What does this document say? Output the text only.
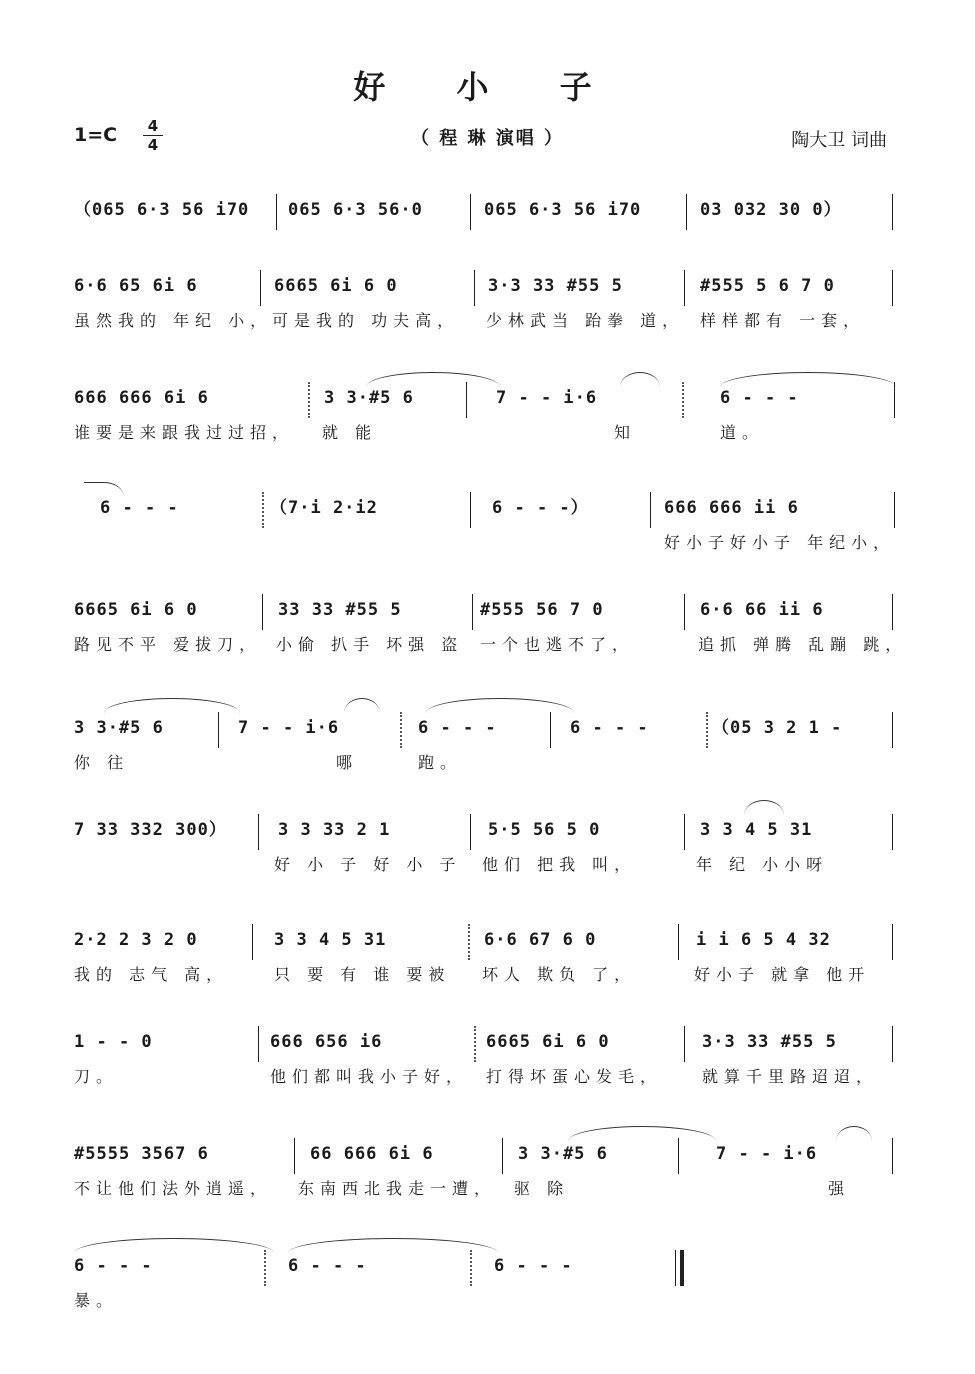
好 小 子
1=C	4
4	（ 程 琳 演唱 ）	陶大卫 词曲
（065 6·3 56 i70 065 6·3 56·0	065 6·3 56 i70	03 032 30 0）
6·6 65 6i 6	6665 6i 6 0	3·3 33 #55 5	#555 5 6 7 0
虽然我的 年纪 小， 可是我的 功夫高， 少林武当 跆拳 道， 样样都有 一套，
666 666 6i 6	3 3·#5 6	7 - - i·6	6 - - -
谁要是来跟我过过招， 就 能	知	道。
6 - - -	（7·i 2·i2	6 - - -）	666 666 ii 6
好小子好小子 年纪小，
6665 6i 6 0	33 33 #55 5	#555 56 7 0	6·6 66 ii 6
路见不平 爱拔刀， 小偷 扒手 坏强 盗 一个也逃不了，	追抓 弹腾 乱蹦 跳，
3 3·#5 6	7 - - i·6	6 - - -	6 - - -	（05 3 2 1 -
你 往	哪	跑。
7 33 332 300）	3 3 33 2 1	5·5 56 5 0	3 3 4 5 31
好 小 子 好 小 子 他们 把我 叫，	年 纪 小小呀
2·2 2 3 2 0	3 3 4 5 31	6·6 67 6 0	i i 6 5 4 32
我的 志气 高，	只 要 有 谁 要被 坏人 欺负 了，	好小子 就拿 他开
1 - - 0	666 656 i6	6665 6i 6 0	3·3 33 #55 5
刀。	他们都叫我小子好， 打得坏蛋心发毛， 就算千里路迢迢，
#5555 3567 6	66 666 6i 6	3 3·#5 6	7 - - i·6
不让他们法外逍遥， 东南西北我走一遭， 驱 除	强
6 - - -	6 - - -	6 - - -
暴。
